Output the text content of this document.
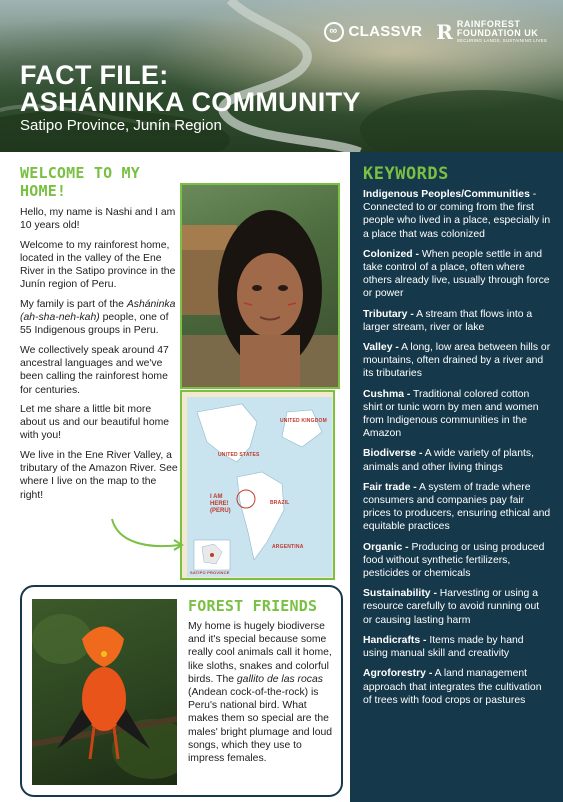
∞ CLASSVR R RAINFOREST
FOUNDATION UK
SECURING LANDS, SUSTAINING LIVES
FACT FILE:
ASHÁNINKA COMMUNITY
Satipo Province, Junín Region
WELCOME TO MY HOME!

Hello, my name is Nashi and I am 10 years old!

Welcome to my rainforest home, located in the valley of the Ene River in the Satipo province in the Junín region of Peru.

My family is part of the Asháninka (ah-sha-neh-kah) people, one of 55 Indigenous groups in Peru.

We collectively speak around 47 ancestral languages and we've been calling the rainforest home for centuries.

Let me share a little bit more about us and our beautiful home with you!

We live in the Ene River Valley, a tributary of the Amazon River. See where I live on the map to the right!

UNITED KINGDOM
UNITED STATES
BRAZIL
ARGENTINA
I AM
HERE!
(PERU)
SATIPO PROVINCE
FOREST FRIENDS

My home is hugely biodiverse and it's special because some really cool animals call it home, like sloths, snakes and colorful birds. The gallito de las rocas (Andean cock-of-the-rock) is Peru's national bird. What makes them so special are the males' bright plumage and loud songs, which they use to impress females.

KEYWORDS
Indigenous Peoples/Communities - Connected to or coming from the first people who lived in a place, especially in a place that was colonized
Colonized - When people settle in and take control of a place, often where others already live, usually through force or power
Tributary - A stream that flows into a larger stream, river or lake
Valley - A long, low area between hills or mountains, often drained by a river and its tributaries
Cushma - Traditional colored cotton shirt or tunic worn by men and women from Indigenous communities in the Amazon
Biodiverse - A wide variety of plants, animals and other living things
Fair trade - A system of trade where consumers and companies pay fair prices to producers, ensuring ethical and equitable practices
Organic - Producing or using produced food without synthetic fertilizers, pesticides or chemicals
Sustainability - Harvesting or using a resource carefully to avoid running out or causing lasting harm
Handicrafts - Items made by hand using manual skill and creativity
Agroforestry - A land management approach that integrates the cultivation of trees with food crops or pastures
